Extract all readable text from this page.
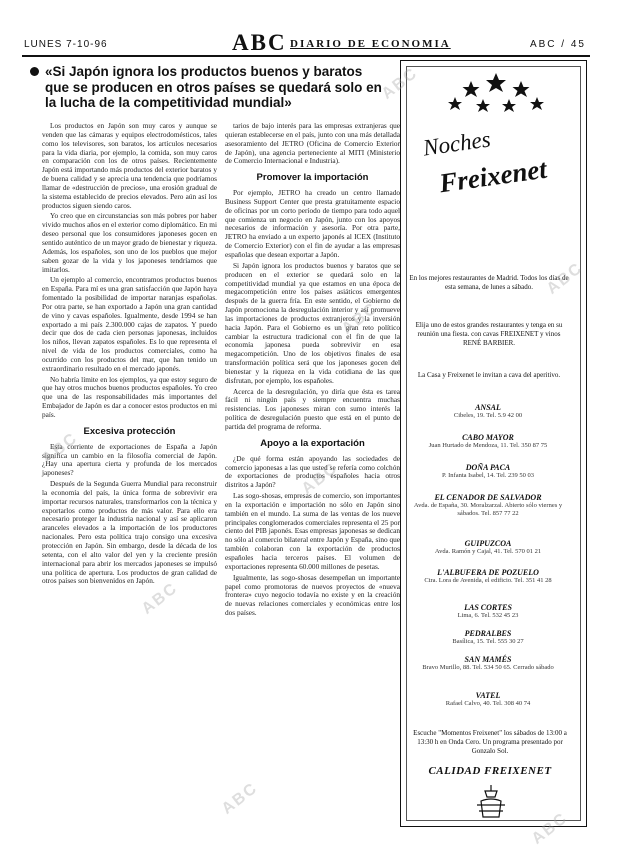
LUNES 7-10-96	ABC DIARIO DE ECONOMIA	ABC / 45
«Si Japón ignora los productos buenos y baratos que se producen en otros países se quedará solo en la lucha de la competitividad mundial»

Los productos en Japón son muy caros y aunque se venden que las cámaras y equipos electrodomésticos, tales como los televisores, son baratos, los artículos necesarios para la vida diaria, por ejemplo, la comida, son muy caros en comparación con los de otros países. Recientemente Japón está importando más productos del exterior baratos y de buena calidad y se aprecia una tendencia que podríamos llamar de «destrucción de precios», una erosión gradual de la sistema establecido de precios elevados. Pero aún así los productos siguen siendo caros.

Yo creo que en circunstancias son más pobres por haber vivido muchos años en el exterior como diplomático. En mi deseo personal que los consumidores japoneses gocen en sentido auténtico de un mayor grado de bienestar y riqueza. Además, los españoles, son uno de los pueblos que mejor saben gozar de la vida y los japoneses tendríamos que imitarlos.

Un ejemplo al comercio, encontramos productos buenos en España. Para mí es una gran satisfacción que Japón haya fomentado la posibilidad de importar naranjas españolas. Por otra parte, se han exportado a Japón una gran cantidad de vino y cavas españoles. Igualmente, desde 1994 se han exportado a mi país 2.300.000 cajas de zapatos. Y puedo decir que dos de cada cien personas japonesas, incluidos los niños, llevan zapatos españoles. Es lo que representa el nivel de vida de los productos comerciales, como ha ocurrido con los productos del mar, que han tenido un extraordinario resultado en el mercado japonés.

No habría límite en los ejemplos, ya que estoy seguro de que hay otros muchos buenos productos españoles. Yo creo que una de las responsabilidades más importantes del Embajador de Japón es dar a conocer estos productos en mi país.

Excesiva protección

Esta corriente de exportaciones de España a Japón significa un cambio en la filosofía comercial de Japón. ¿Hay una apertura cierta y profunda de los mercados japoneses?

Después de la Segunda Guerra Mundial para reconstruir la economía del país, la única forma de sobrevivir era importar recursos naturales, transformarlos con la técnica y exportarlos como productos de más valor. Para ello era necesario proteger la industria nacional y así se aplicaron aranceles elevados a la importación de los productores nacionales. Pero esta política trajo consigo una excesiva protección en Japón. Sin embargo, desde la década de los setenta, con el alto valor del yen y la creciente presión internacional para abrir los mercados japoneses se impulsó una política de apertura. Los productos de gran calidad de otros países son bienvenidos en Japón.

tarios de bajo interés para las empresas extranjeras que quieran establecerse en el país, junto con una más detallada asesoramiento del JETRO (Oficina de Comercio Exterior de Japón), una agencia perteneciente al MITI (Ministerio de Comercio Internacional e Industria).

Promover la importación

Por ejemplo, JETRO ha creado un centro llamado Business Support Center que presta gratuitamente espacio de oficinas por un corto período de tiempo para todo aquel que comienza un negocio en Japón, junto con los apoyos necesarios de información y asesoría. Por otra parte, JETRO ha enviado a un experto japonés al ICEX (Instituto de Comercio Exterior) con el fin de ayudar a las empresas españolas que desean exportar a Japón.

Si Japón ignora los productos buenos y baratos que se producen en el exterior se quedará solo en la competitividad mundial ya que estamos en una época de megacompetición entre los países asiáticos emergentes después de la guerra fría. En este sentido, el Gobierno de Japón promociona la desregulación interior y así promueve las importaciones de productos extranjeros y la inversión hacia Japón. Para el Gobierno es un gran reto político cambiar la estructura tradicional con el fin de que la economía japonesa pueda sobrevivir en esa megacompetición. Uno de los objetivos finales de esa transformación política será que los japoneses gocen del bienestar y la riqueza en la vida cotidiana de las que disfrutan, por ejemplo, los españoles.

Acerca de la desregulación, yo diría que ésta es tarea fácil ni ningún país y siempre encuentra muchas resistencias. Los japoneses miran con sumo interés la política de desregulación puesto que está en el punto de partida del programa de reforma.

Apoyo a la exportación

¿De qué forma están apoyando las sociedades de comercio japonesas a las que usted se refería como colchón de exportaciones de productos españoles hacia otros distritos a Japón?

Las sogo-shosas, empresas de comercio, son importantes en la exportación e importación no sólo en Japón sino también en el mundo. La suma de las ventas de los nueve principales conglomerados comerciales representa el 25 por ciento del PIB japonés. Esas empresas japonesas se dedican no sólo al comercio bilateral entre Japón y España, sino que también colaboran con la exportación de productos españoles hacia terceros países. El volumen de exportaciones representa 60.000 millones de pesetas.

Igualmente, las sogo-shosas desempeñan un importante papel como promotoras de nuevos proyectos de «nueva frontera» cuyo negocio todavía no existe y en la creación de nuevas relaciones comerciales y económicas entre los dos países.

Noches
Freixenet
En los mejores restaurantes de Madrid. Todos los días de esta semana, de lunes a sábado.
Elija uno de estos grandes restaurantes y tenga en su reunión una fiesta. con cavas FREIXENET y vinos RENÉ BARBIER.
La Casa y Freixenet le invitan a cava del aperitivo.
ANSAL
Cibeles, 19. Tel. 5.9 42 00
CABO MAYOR
Juan Hurtado de Mendoza, 11. Tel. 350 87 75
DOÑA PACA
P. Infanta Isabel, 14. Tel. 239 50 03
EL CENADOR DE SALVADOR
Avda. de España, 30. Moralzarzal. Abierto sólo viernes y sábados. Tel. 857 77 22
GUIPUZCOA
Avda. Ramón y Cajal, 41. Tel. 570 01 21
L'ALBUFERA DE POZUELO
Ctra. Lora de Avenida, el edificio. Tel. 351 41 28
LAS CORTES
Lima, 6. Tel. 532 45 23
PEDRALBES
Basílica, 15. Tel. 555 30 27
SAN MAMÉS
Bravo Murillo, 88. Tel. 534 50 65. Cerrado sábado
VATEL
Rafael Calvo, 40. Tel. 308 40 74
Escuche "Momentos Freixenet" los sábados de 13:00 a 13:30 h en Onda Cero. Un programa presentado por Gonzalo Sol.
CALIDAD FREIXENET
ABC
ABC
ABC
ABC
ABC
ABC
ABC
ABC
